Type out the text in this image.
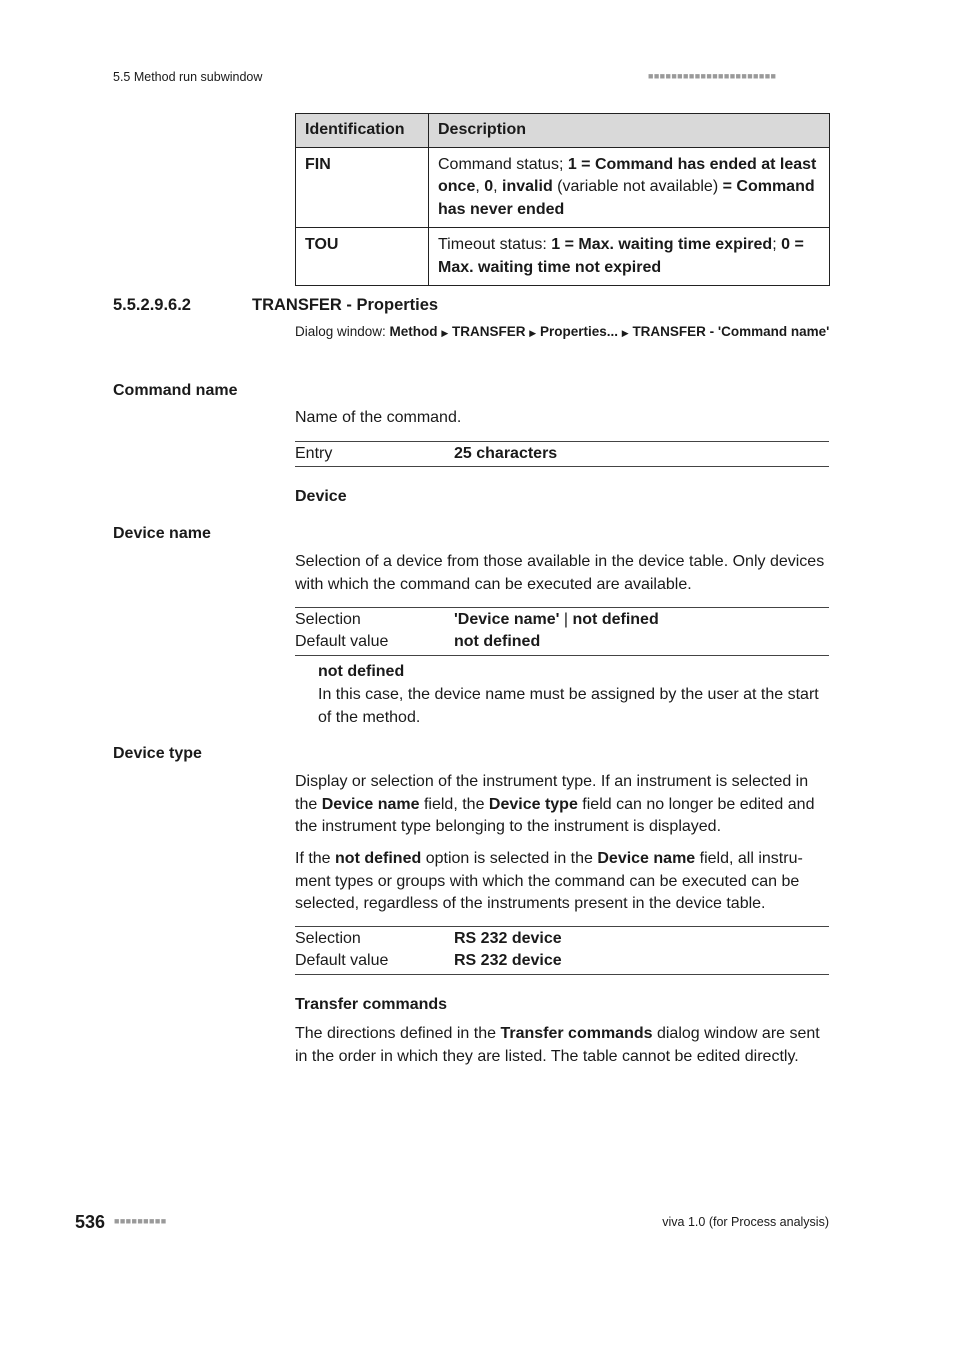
5.5 Method run subwindow	■■■■■■■■■■■■■■■■■■■■■■
Identification	Description
FIN	Command status; 1 = Command has ended at least once, 0, invalid (variable not available) = Command has never ended
TOU	Timeout status: 1 = Max. waiting time expired; 0 = Max. waiting time not expired
5.5.2.9.6.2	TRANSFER - Properties
Dialog window: Method ▶ TRANSFER ▶ Properties... ▶ TRANSFER - 'Command name'
Command name
Name of the command.
Entry	25 characters
Device
Device name
Selection of a device from those available in the device table. Only devices with which the command can be executed are available.
Selection	'Device name' | not defined
Default value	not defined
not defined
In this case, the device name must be assigned by the user at the start of the method.
Device type
Display or selection of the instrument type. If an instrument is selected in the Device name field, the Device type field can no longer be edited and the instrument type belonging to the instrument is displayed.
If the not defined option is selected in the Device name field, all instrument types or groups with which the command can be executed can be selected, regardless of the instruments present in the device table.
Selection	RS 232 device
Default value	RS 232 device
Transfer commands
The directions defined in the Transfer commands dialog window are sent in the order in which they are listed. The table cannot be edited directly.
536 ■■■■■■■■■	viva 1.0 (for Process analysis)
